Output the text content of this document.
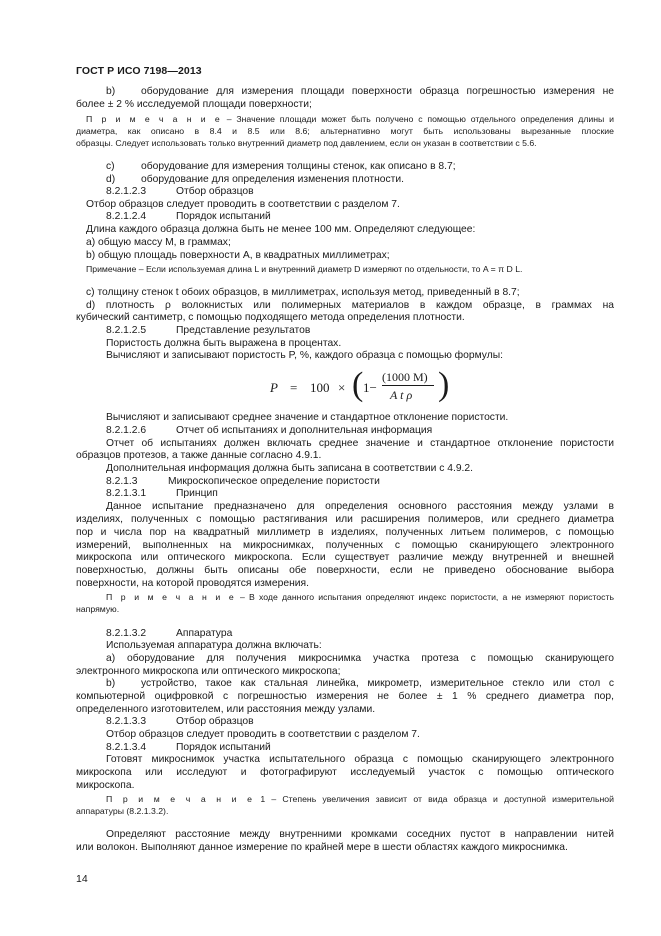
ГОСТ Р ИСО 7198—2013
b)	оборудование для измерения площади поверхности образца погрешностью измерения не
более ± 2 % исследуемой площади поверхности;
П р и м е ч а н и е – Значение площади может быть получено с помощью отдельного определения длины и
диаметра, как описано в 8.4 и 8.5 или 8.6; альтернативно могут быть использованы вырезанные плоские
образцы. Следует использовать только внутренний диаметр под давлением, если он указан в соответствии с 5.6.
c)	оборудование для измерения толщины стенок, как описано в 8.7;
d)	оборудование для определения изменения плотности.
8.2.1.2.3	Отбор образцов
Отбор образцов следует проводить в соответствии с разделом 7.
8.2.1.2.4	Порядок испытаний
Длина каждого образца должна быть не менее 100 мм. Определяют следующее:
а) общую массу М, в граммах;
b) общую площадь поверхности А, в квадратных миллиметрах;
Примечание – Если используемая длина L и внутренний диаметр D измеряют по отдельности, то A = π D L.
c) толщину стенок t обоих образцов, в миллиметрах, используя метод, приведенный в 8.7;
d) плотность ρ волокнистых или полимерных материалов в каждом образце, в граммах на
кубический сантиметр, с помощью подходящего метода определения плотности.
8.2.1.2.5	Представление результатов
Пористость должна быть выражена в процентах.
Вычисляют и записывают пористость P, %, каждого образца с помощью формулы:
P = 100 × ( 1−
(1000 M)
A t ρ )
Вычисляют и записывают среднее значение и стандартное отклонение пористости.
8.2.1.2.6	Отчет об испытаниях и дополнительная информация
Отчет об испытаниях должен включать среднее значение и стандартное отклонение пористости
образцов протезов, а также данные согласно 4.9.1.
Дополнительная информация должна быть записана в соответствии с 4.9.2.
8.2.1.3	Микроскопическое определение пористости
8.2.1.3.1	Принцип
Данное испытание предназначено для определения основного расстояния между узлами в
изделиях, полученных с помощью растягивания или расширения полимеров, или среднего диаметра
пор и числа пор на квадратный миллиметр в изделиях, полученных литьем полимеров, с помощью
измерений, выполненных на микроснимках, полученных с помощью сканирующего электронного
микроскопа или оптического микроскопа. Если существует различие между внутренней и внешней
поверхностью, должны быть описаны обе поверхности, если не приведено обоснование выбора
поверхности, на которой проводятся измерения.
П р и м е ч а н и е – В ходе данного испытания определяют индекс пористости, а не измеряют пористость
напрямую.
8.2.1.3.2	Аппаратура
Используемая аппаратура должна включать:
a) оборудование для получения микроснимка участка протеза с помощью сканирующего
электронного микроскопа или оптического микроскопа;
b)	устройство, такое как стальная линейка, микрометр, измерительное стекло или стол с
компьютерной оцифровкой с погрешностью измерения не более ± 1 % среднего диаметра пор,
определенного изготовителем, или расстояния между узлами.
8.2.1.3.3	Отбор образцов
Отбор образцов следует проводить в соответствии с разделом 7.
8.2.1.3.4	Порядок испытаний
Готовят микроснимок участка испытательного образца с помощью сканирующего электронного
микроскопа или исследуют и фотографируют исследуемый участок с помощью оптического
микроскопа.
П р и м е ч а н и е 1 – Степень увеличения зависит от вида образца и доступной измерительной
аппаратуры (8.2.1.3.2).
Определяют расстояние между внутренними кромками соседних пустот в направлении нитей
или волокон. Выполняют данное измерение по крайней мере в шести областях каждого микроснимка.
14
